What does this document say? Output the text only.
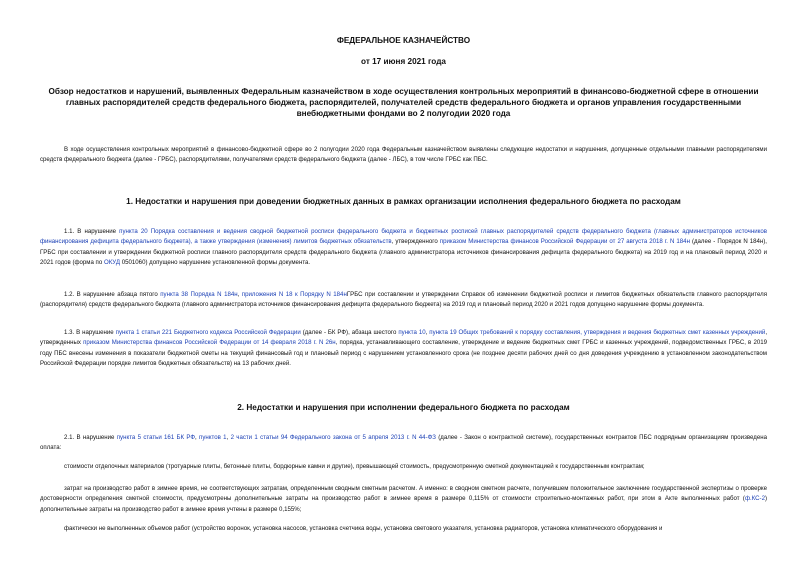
ФЕДЕРАЛЬНОЕ КАЗНАЧЕЙСТВО
от 17 июня 2021 года
Обзор недостатков и нарушений, выявленных Федеральным казначейством в ходе осуществления контрольных мероприятий в финансово-бюджетной сфере в отношении главных распорядителей средств федерального бюджета, распорядителей, получателей средств федерального бюджета и органов управления государственными внебюджетными фондами во 2 полугодии 2020 года
В ходе осуществления контрольных мероприятий в финансово-бюджетной сфере во 2 полугодии 2020 года Федеральным казначейством выявлены следующие недостатки и нарушения, допущенные отдельными главными распорядителями средств федерального бюджета (далее - ГРБС), распорядителями, получателями средств федерального бюджета (далее - ЛБС), в том числе ГРБС как ПБС.
1. Недостатки и нарушения при доведении бюджетных данных в рамках организации исполнения федерального бюджета по расходам
1.1. В нарушение пункта 20 Порядка составления и ведения сводной бюджетной росписи федерального бюджета и бюджетных росписей главных распорядителей средств федерального бюджета (главных администраторов источников финансирования дефицита федерального бюджета), а также утверждения (изменения) лимитов бюджетных обязательств, утвержденного приказом Министерства финансов Российской Федерации от 27 августа 2018 г. N 184н (далее - Порядок N 184н), ГРБС при составлении и утверждении бюджетной росписи главного распорядителя средств федерального бюджета (главного администратора источников финансирования дефицита федерального бюджета) на 2019 год и на плановый период 2020 и 2021 годов (форма по ОКУД 0501060) допущено нарушение установленной формы документа.
1.2. В нарушение абзаца пятого пункта 38 Порядка N 184н, приложения N 18 к Порядку N 184нГРБС при составлении и утверждении Справок об изменении бюджетной росписи и лимитов бюджетных обязательств главного распорядителя (распорядителя) средств федерального бюджета (главного администратора источников финансирования дефицита федерального бюджета) на 2019 год и плановый период 2020 и 2021 годов допущено нарушение формы документа.
1.3. В нарушение пункта 1 статьи 221 Бюджетного кодекса Российской Федерации (далее - БК РФ), абзаца шестого пункта 10, пункта 19 Общих требований к порядку составления, утверждения и ведения бюджетных смет казенных учреждений, утвержденных приказом Министерства финансов Российской Федерации от 14 февраля 2018 г. N 26н, порядка, устанавливающего составление, утверждение и ведение бюджетных смет ГРБС и казенных учреждений, подведомственных ГРБС, в 2019 году ПБС внесены изменения в показатели бюджетной сметы на текущий финансовый год и плановый период с нарушением установленного срока (не позднее десяти рабочих дней со дня доведения учреждению в установленном законодательством Российской Федерации порядке лимитов бюджетных обязательств) на 13 рабочих дней.
2. Недостатки и нарушения при исполнении федерального бюджета по расходам
2.1. В нарушение пункта 5 статьи 161 БК РФ, пунктов 1, 2 части 1 статьи 94 Федерального закона от 5 апреля 2013 г. N 44-ФЗ (далее - Закон о контрактной системе), государственных контрактов ПБС подрядным организациям произведена оплата:
стоимости отделочных материалов (тротуарные плиты, бетонные плиты, бордюрные камни и другие), превышающей стоимость, предусмотренную сметной документацией к государственным контрактам;
затрат на производство работ в зимнее время, не соответствующих затратам, определенным сводным сметным расчетом. А именно: в сводном сметном расчете, получившем положительное заключение государственной экспертизы о проверке достоверности определения сметной стоимости, предусмотрены дополнительные затраты на производство работ в зимнее время в размере 0,115% от стоимости строительно-монтажных работ, при этом в Акте выполненных работ (ф.КС-2) дополнительные затраты на производство работ в зимнее время учтены в размере 0,155%;
фактически не выполненных объемов работ (устройство воронок, установка насосов, установка счетчика воды, установка светового указателя, установка радиаторов, установка климатического оборудования и
